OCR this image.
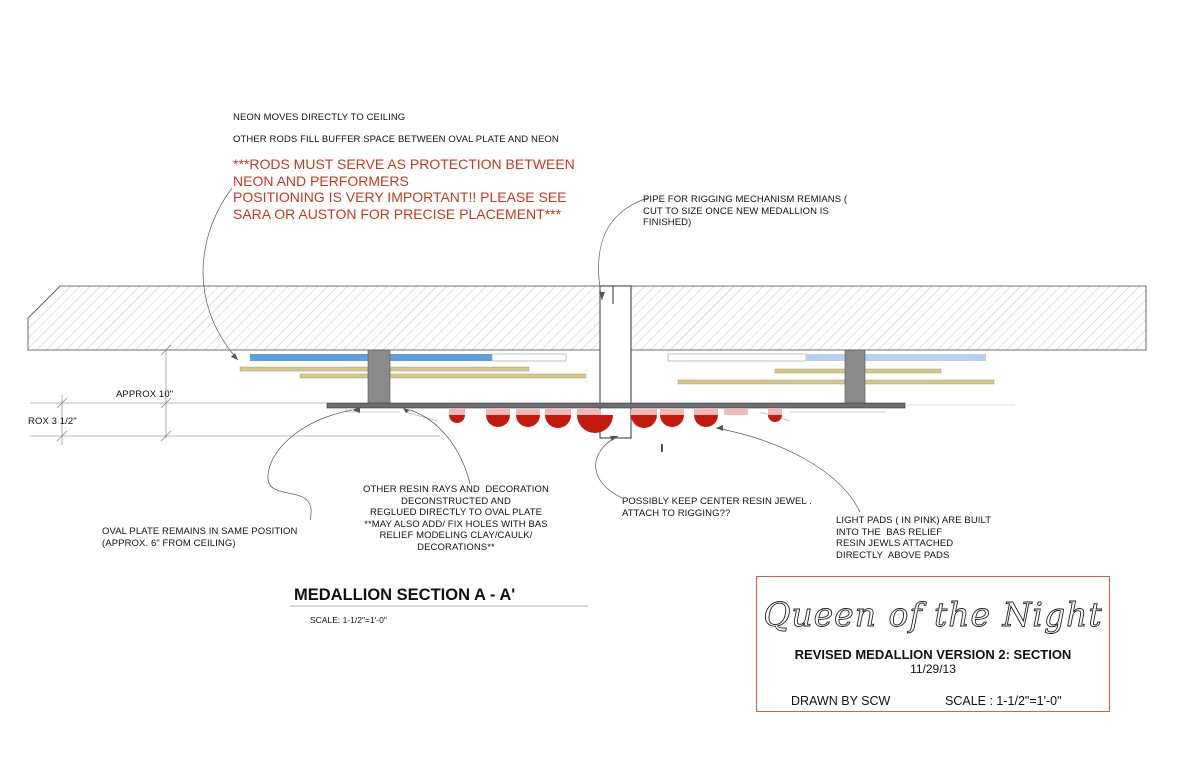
NEON MOVES DIRECTLY TO CEILING

OTHER RODS FILL BUFFER SPACE BETWEEN OVAL PLATE AND NEON

***RODS MUST SERVE AS PROTECTION BETWEEN
NEON AND PERFORMERS
POSITIONING IS VERY IMPORTANT!! PLEASE SEE
SARA OR AUSTON FOR PRECISE PLACEMENT***

PIPE FOR RIGGING MECHANISM REMIANS (
CUT TO SIZE ONCE NEW MEDALLION IS
FINISHED)

APPROX 10"

ROX 3 1/2"

OTHER RESIN RAYS AND  DECORATION
DECONSTRUCTED AND
REGLUED DIRECTLY TO OVAL PLATE
**MAY ALSO ADD/ FIX HOLES WITH BAS
RELIEF MODELING CLAY/CAULK/
DECORATIONS**

OVAL PLATE REMAINS IN SAME POSITION
(APPROX. 6" FROM CEILING)

POSSIBLY KEEP CENTER RESIN JEWEL .
ATTACH TO RIGGING??

LIGHT PADS ( IN PINK) ARE BUILT
INTO THE  BAS RELIEF
RESIN JEWLS ATTACHED
DIRECTLY  ABOVE PADS

MEDALLION SECTION A - A'

SCALE: 1-1/2"=1'-0"	Queen of the Night

REVISED MEDALLION VERSION 2: SECTION

11/29/13

DRAWN BY SCW	SCALE : 1-1/2"=1'-0"
